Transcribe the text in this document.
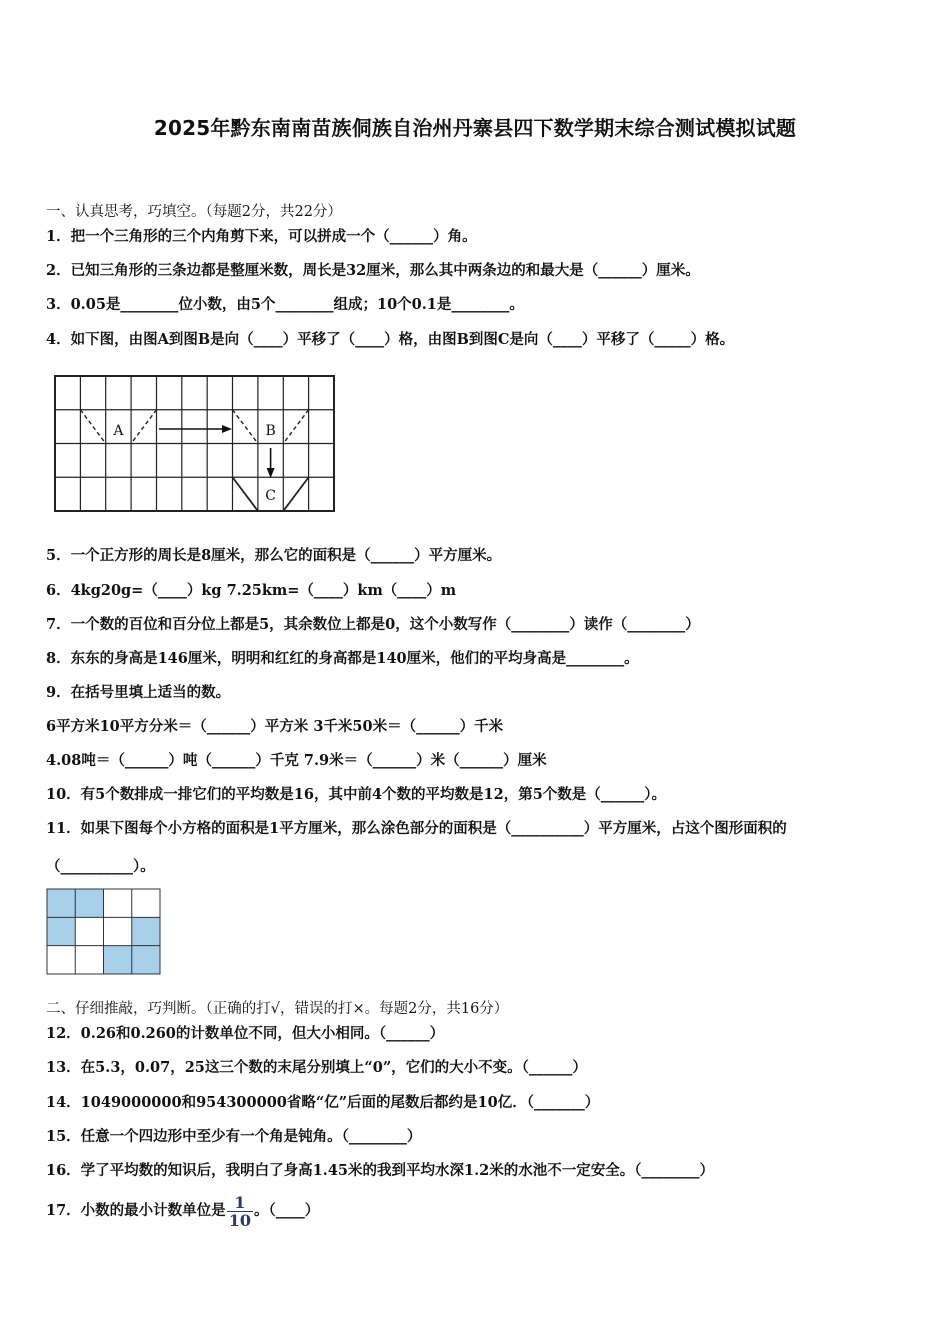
2025年黔东南南苗族侗族自治州丹寨县四下数学期末综合测试模拟试题
一、认真思考，巧填空。（每题2分，共22分）
1．把一个三角形的三个内角剪下来，可以拼成一个（______）角。
2．已知三角形的三条边都是整厘米数，周长是32厘米，那么其中两条边的和最大是（______）厘米。
3．0.05是________位小数，由5个________组成；10个0.1是________。
4．如下图，由图A到图B是向（____）平移了（____）格，由图B到图C是向（____）平移了（_____）格。
A	B
C
5．一个正方形的周长是8厘米，那么它的面积是（______）平方厘米。
6．4kg20g=（____）kg 7.25km=（____）km（____）m
7．一个数的百位和百分位上都是5，其余数位上都是0，这个小数写作（________）读作（________）
8．东东的身高是146厘米，明明和红红的身高都是140厘米，他们的平均身高是________。
9．在括号里填上适当的数。
6平方米10平方分米＝（______）平方米 3千米50米＝（______）千米
4.08吨＝（______）吨（______）千克 7.9米＝（______）米（______）厘米
10．有5个数排成一排它们的平均数是16，其中前4个数的平均数是12，第5个数是（______）。
11．如果下图每个小方格的面积是1平方厘米，那么涂色部分的面积是（__________）平方厘米，占这个图形面积的
（__________）。
二、仔细推敲，巧判断。（正确的打√，错误的打×。每题2分，共16分）
12．0.26和0.260的计数单位不同，但大小相同。（______）
13．在5.3，0.07，25这三个数的末尾分别填上“0”，它们的大小不变。（______）
14．1049000000和954300000省略“亿”后面的尾数后都约是10亿．（_______）
15．任意一个四边形中至少有一个角是钝角。（________）
16．学了平均数的知识后，我明白了身高1.45米的我到平均水深1.2米的水池不一定安全。（________）
17．小数的最小计数单位是 $\frac{1}{10}$ 。（____）
